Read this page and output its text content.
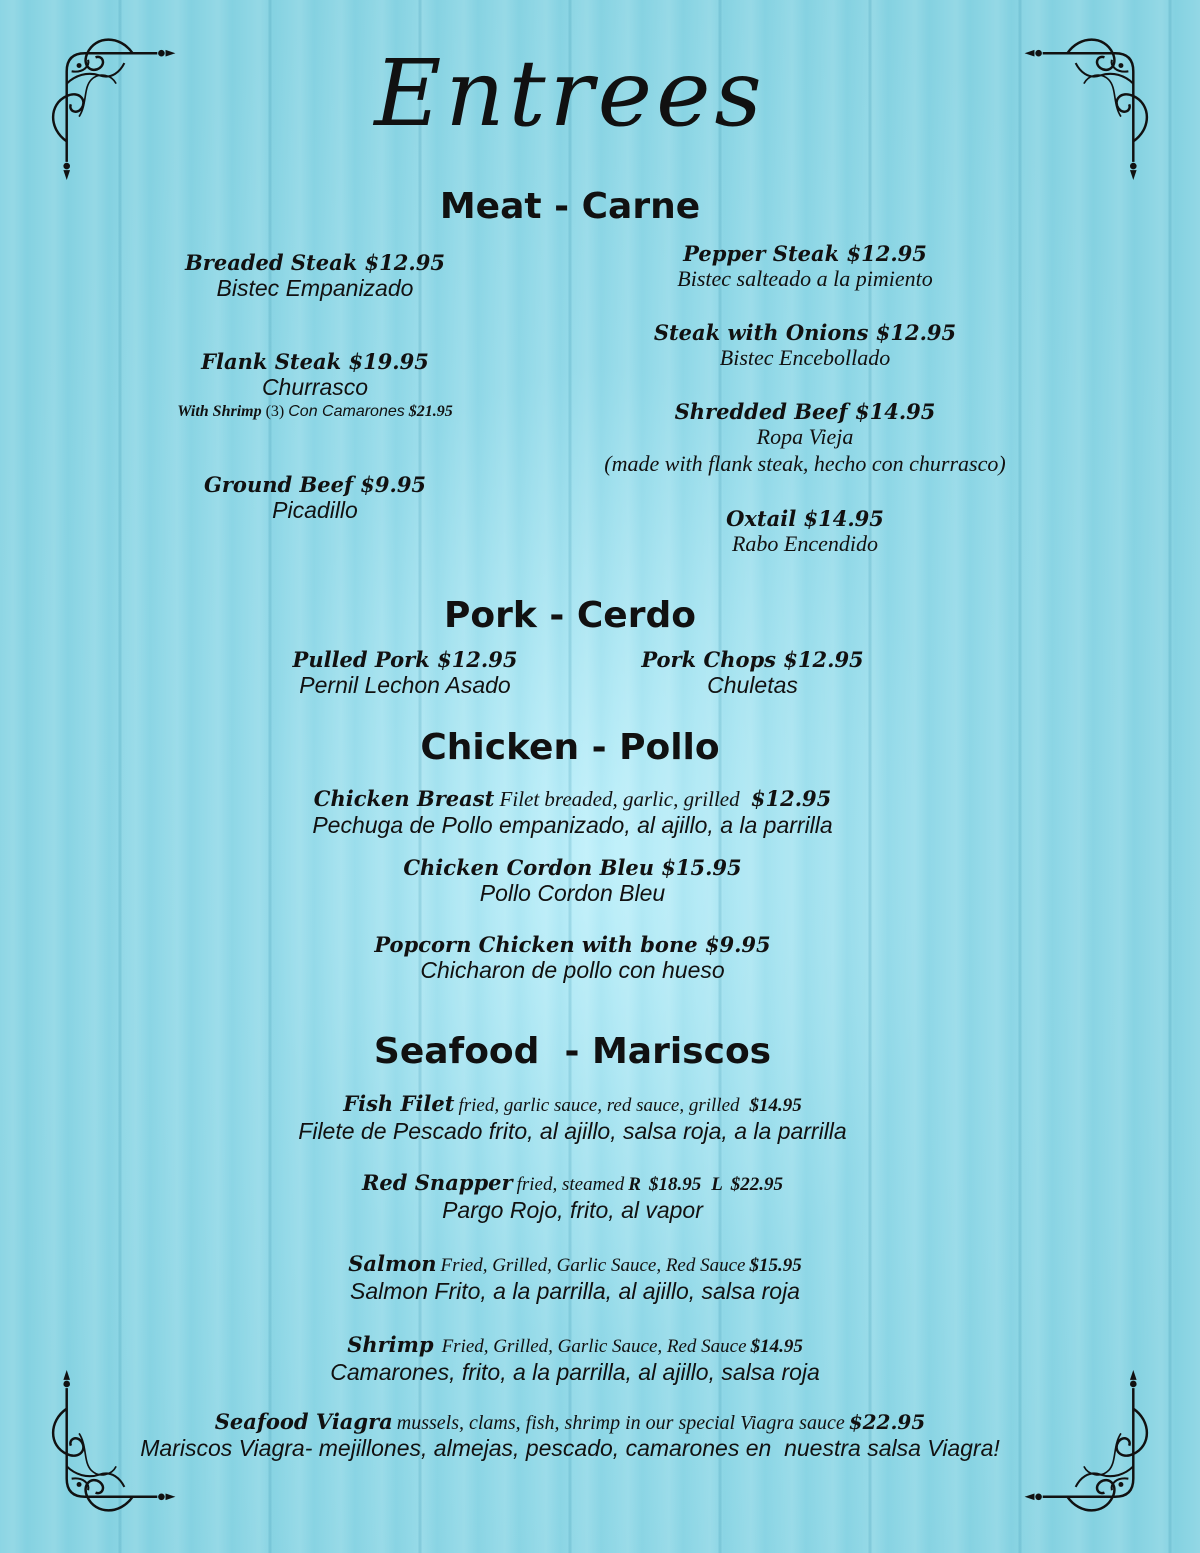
Entrees
Meat - Carne
Breaded Steak $12.95
Bistec Empanizado
Flank Steak $19.95
Churrasco
With Shrimp (3) Con Camarones $21.95
Ground Beef $9.95
Picadillo
Pepper Steak $12.95
Bistec salteado a la pimiento
Steak with Onions $12.95
Bistec Encebollado
Shredded Beef $14.95
Ropa Vieja
(made with flank steak, hecho con churrasco)
Oxtail $14.95
Rabo Encendido
Pork - Cerdo
Pulled Pork $12.95
Pernil Lechon Asado
Pork Chops $12.95
Chuletas
Chicken - Pollo
Chicken Breast Filet breaded, garlic, grilled $12.95
Pechuga de Pollo empanizado, al ajillo, a la parrilla
Chicken Cordon Bleu $15.95
Pollo Cordon Bleu
Popcorn Chicken with bone $9.95
Chicharon de pollo con hueso
Seafood  - Mariscos
Fish Filet fried, garlic sauce, red sauce, grilled $14.95
Filete de Pescado frito, al ajillo, salsa roja, a la parrilla
Red Snapper fried, steamed R $18.95 L $22.95
Pargo Rojo, frito, al vapor
Salmon Fried, Grilled, Garlic Sauce, Red Sauce $15.95
Salmon Frito, a la parrilla, al ajillo, salsa roja
Shrimp Fried, Grilled, Garlic Sauce, Red Sauce $14.95
Camarones, frito, a la parrilla, al ajillo, salsa roja
Seafood Viagra mussels, clams, fish, shrimp in our special Viagra sauce $22.95
Mariscos Viagra- mejillones, almejas, pescado, camarones en  nuestra salsa Viagra!
